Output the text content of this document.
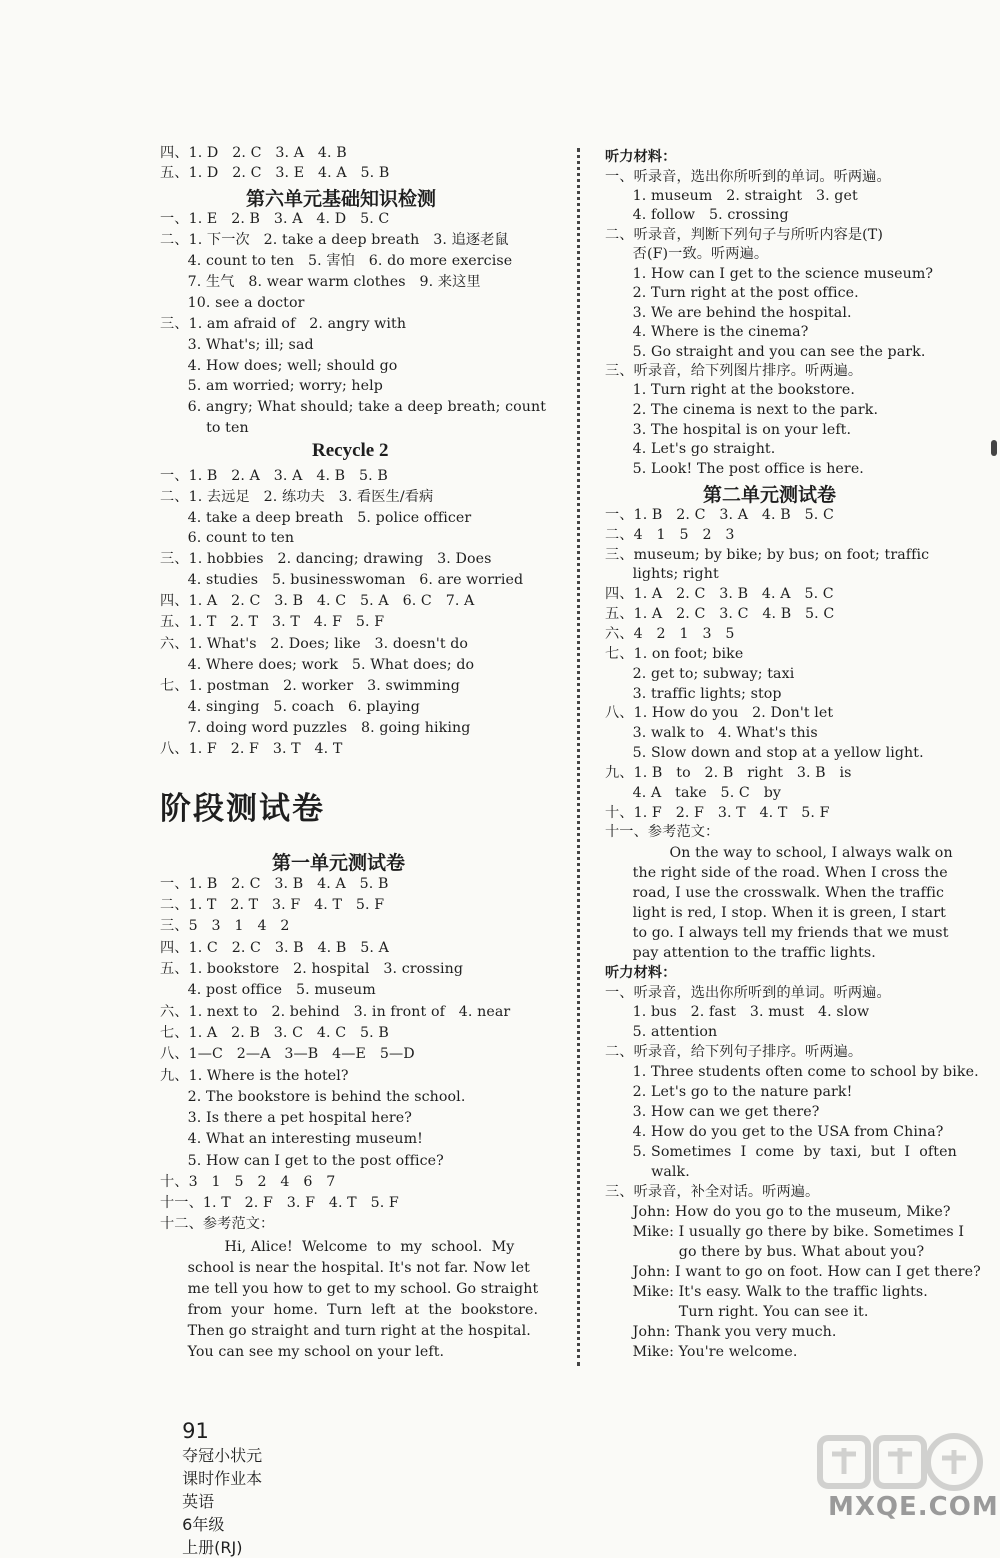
四、1. D   2. C   3. A   4. B
五、1. D   2. C   3. E   4. A   5. B
第六单元基础知识检测
一、1. E   2. B   3. A   4. D   5. C
二、1. 下一次   2. take a deep breath   3. 追逐老鼠
4. count to ten   5. 害怕   6. do more exercise
7. 生气   8. wear warm clothes   9. 来这里
10. see a doctor
三、1. am afraid of   2. angry with
3. What's; ill; sad
4. How does; well; should go
5. am worried; worry; help
6. angry; What should; take a deep breath; count
to ten
Recycle 2
一、1. B   2. A   3. A   4. B   5. B
二、1. 去远足   2. 练功夫   3. 看医生/看病
4. take a deep breath   5. police officer
6. count to ten
三、1. hobbies   2. dancing; drawing   3. Does
4. studies   5. businesswoman   6. are worried
四、1. A   2. C   3. B   4. C   5. A   6. C   7. A
五、1. T   2. T   3. T   4. F   5. F
六、1. What's   2. Does; like   3. doesn't do
4. Where does; work   5. What does; do
七、1. postman   2. worker   3. swimming
4. singing   5. coach   6. playing
7. doing word puzzles   8. going hiking
八、1. F   2. F   3. T   4. T
阶段测试卷
第一单元测试卷
一、1. B   2. C   3. B   4. A   5. B
二、1. T   2. T   3. F   4. T   5. F
三、5   3   1   4   2
四、1. C   2. C   3. B   4. B   5. A
五、1. bookstore   2. hospital   3. crossing
4. post office   5. museum
六、1. next to   2. behind   3. in front of   4. near
七、1. A   2. B   3. C   4. C   5. B
八、1—C   2—A   3—B   4—E   5—D
九、1. Where is the hotel?
2. The bookstore is behind the school.
3. Is there a pet hospital here?
4. What an interesting museum!
5. How can I get to the post office?
十、3   1   5   2   4   6   7
十一、1. T   2. F   3. F   4. T   5. F
十二、参考范文：
Hi, Alice!  Welcome  to  my  school.  My
school is near the hospital. It's not far. Now let
me tell you how to get to my school. Go straight
from  your  home.  Turn  left  at  the  bookstore.
Then go straight and turn right at the hospital.
You can see my school on your left.
听力材料：
一、听录音，选出你所听到的单词。听两遍。
1. museum   2. straight   3. get
4. follow   5. crossing
二、听录音，判断下列句子与所听内容是(T)
否(F)一致。听两遍。
1. How can I get to the science museum?
2. Turn right at the post office.
3. We are behind the hospital.
4. Where is the cinema?
5. Go straight and you can see the park.
三、听录音，给下列图片排序。听两遍。
1. Turn right at the bookstore.
2. The cinema is next to the park.
3. The hospital is on your left.
4. Let's go straight.
5. Look! The post office is here.
第二单元测试卷
一、1. B   2. C   3. A   4. B   5. C
二、4   1   5   2   3
三、museum; by bike; by bus; on foot; traffic
lights; right
四、1. A   2. C   3. B   4. A   5. C
五、1. A   2. C   3. C   4. B   5. C
六、4   2   1   3   5
七、1. on foot; bike
2. get to; subway; taxi
3. traffic lights; stop
八、1. How do you   2. Don't let
3. walk to   4. What's this
5. Slow down and stop at a yellow light.
九、1. B   to   2. B   right   3. B   is
4. A   take   5. C   by
十、1. F   2. F   3. T   4. T   5. F
十一、参考范文：
On the way to school, I always walk on
the right side of the road. When I cross the
road, I use the crosswalk. When the traffic
light is red, I stop. When it is green, I start
to go. I always tell my friends that we must
pay attention to the traffic lights.
听力材料：
一、听录音，选出你所听到的单词。听两遍。
1. bus   2. fast   3. must   4. slow
5. attention
二、听录音，给下列句子排序。听两遍。
1. Three students often come to school by bike.
2. Let's go to the nature park!
3. How can we get there?
4. How do you get to the USA from China?
5. Sometimes  I  come  by  taxi,  but  I  often
walk.
三、听录音，补全对话。听两遍。
John: How do you go to the museum, Mike?
Mike: I usually go there by bike. Sometimes I
go there by bus. What about you?
John: I want to go on foot. How can I get there?
Mike: It's easy. Walk to the traffic lights.
Turn right. You can see it.
John: Thank you very much.
Mike: You're welcome.

91
夺冠小状元
课时作业本
英语
6年级
上册(RJ)

MXQE.COM
